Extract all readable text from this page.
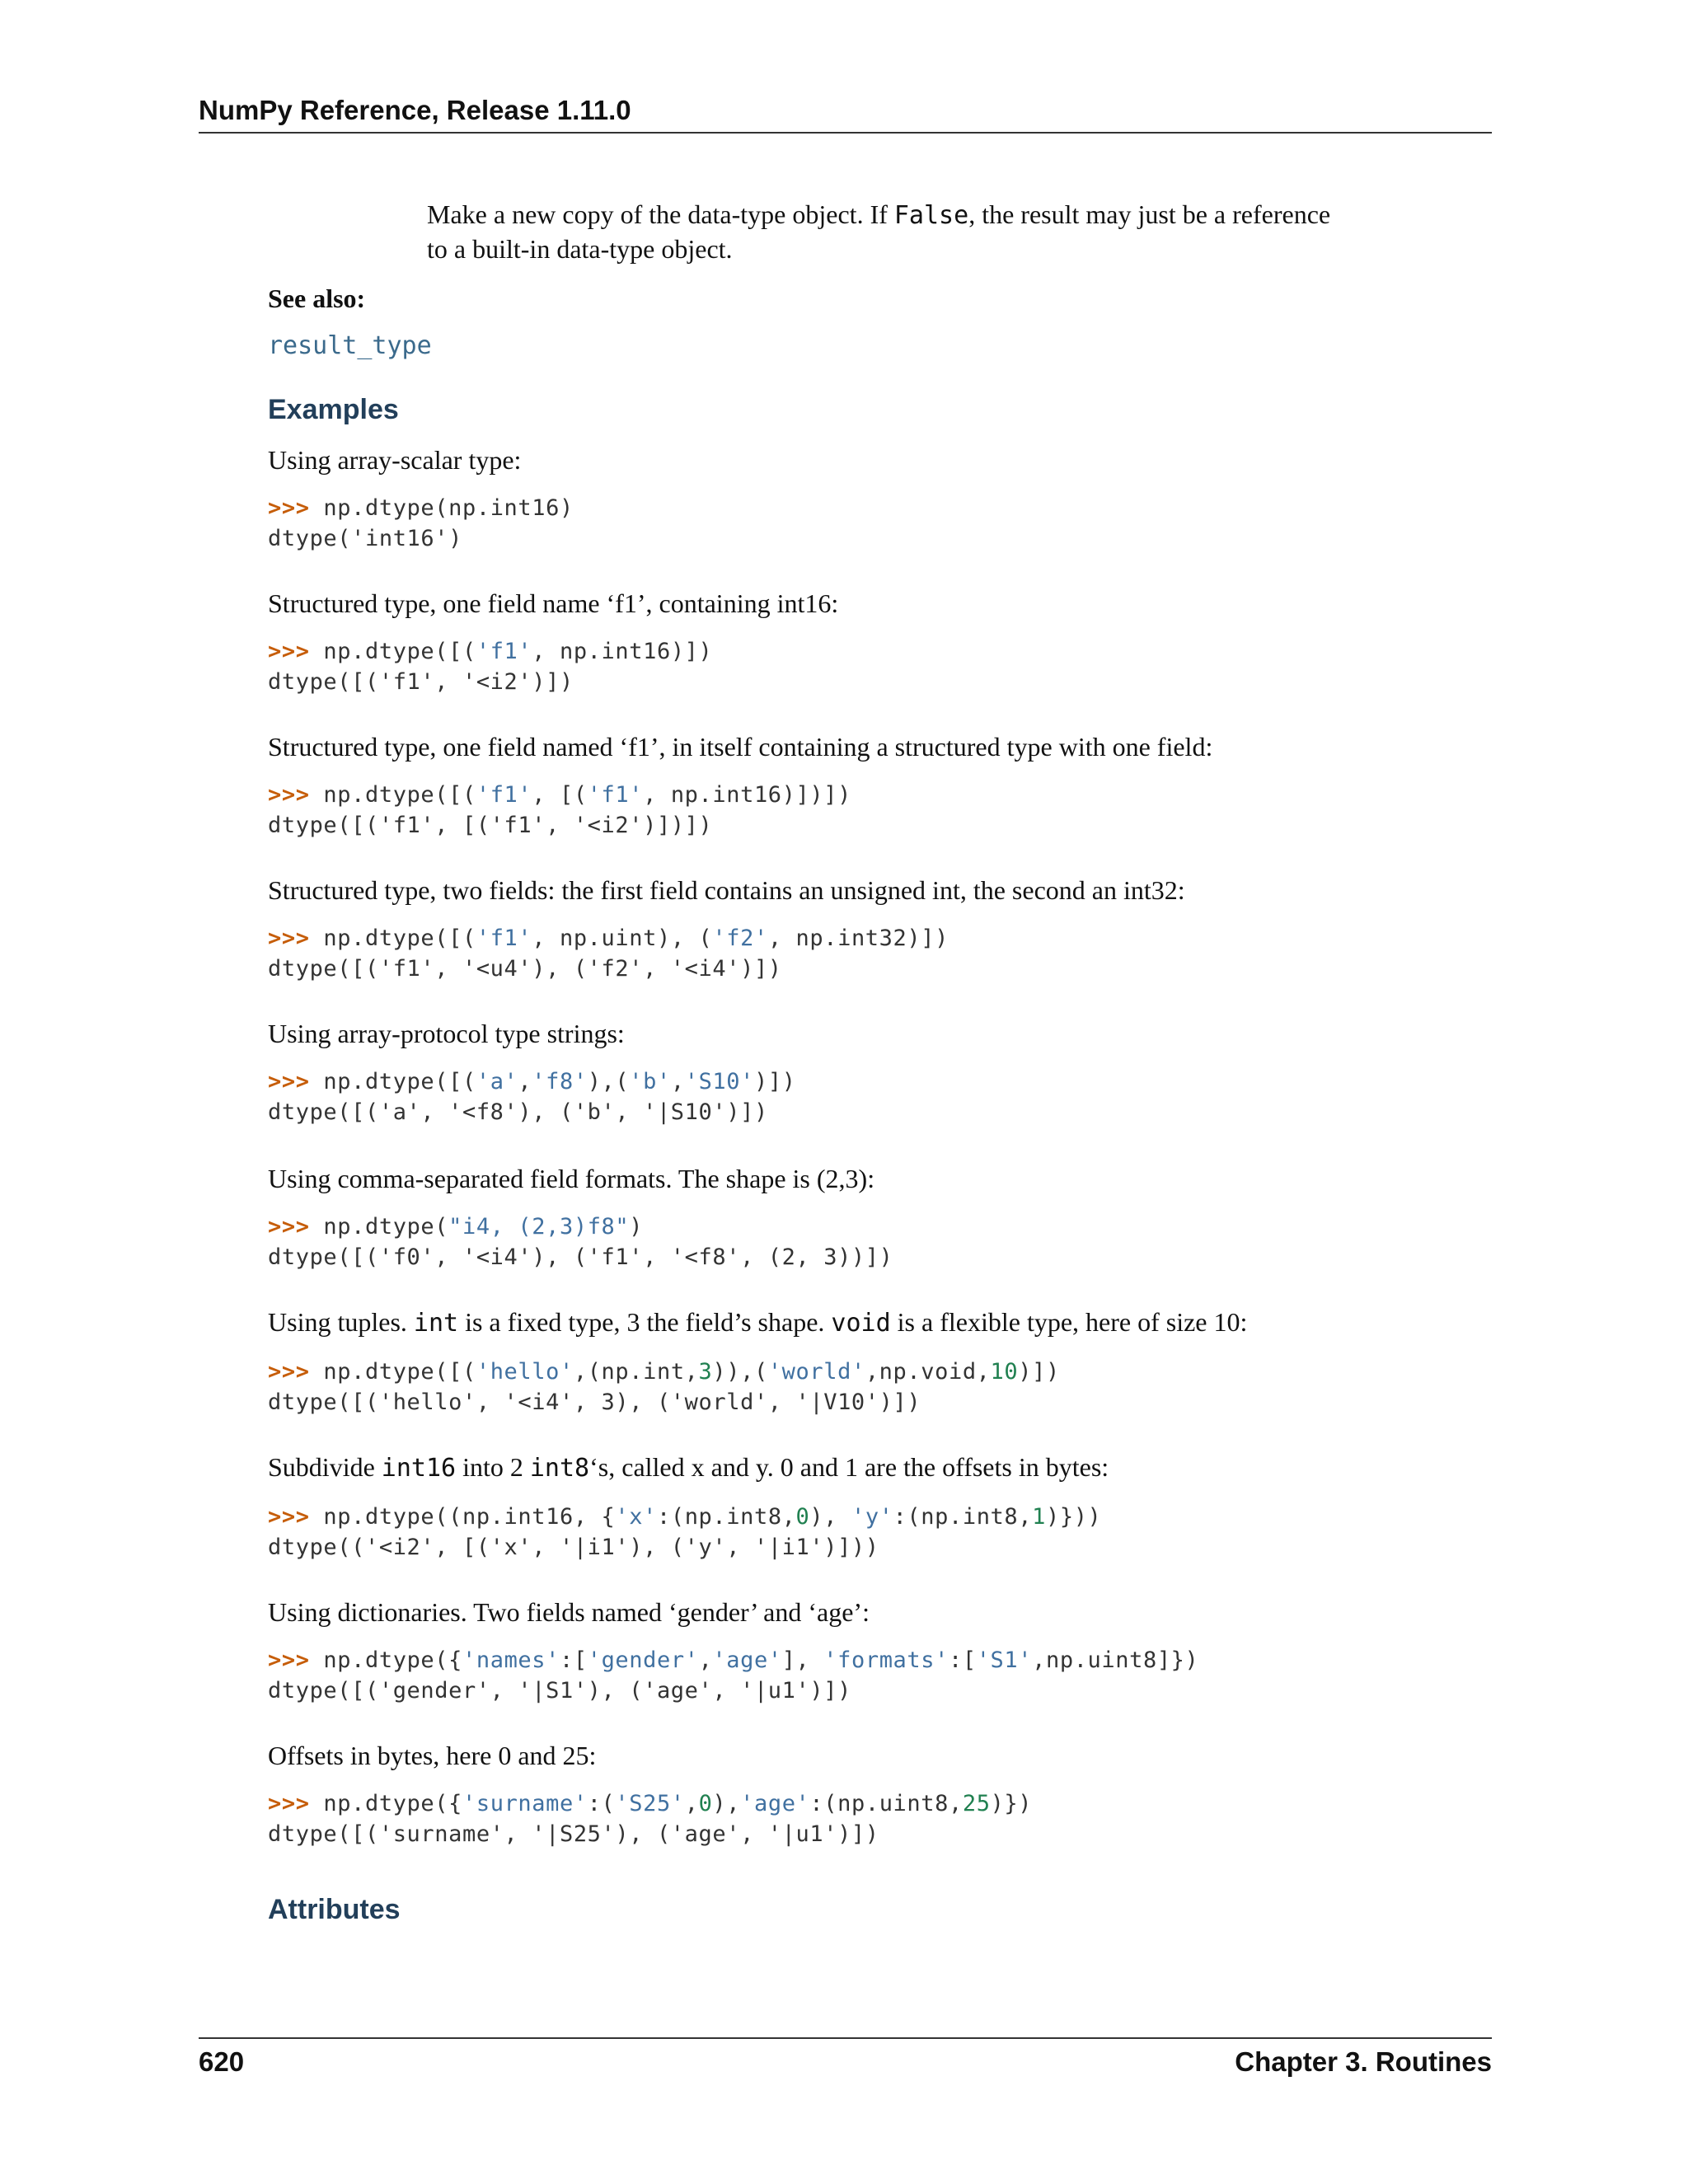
NumPy Reference, Release 1.11.0
Make a new copy of the data-type object. If False, the result may just be a reference
to a built-in data-type object.
See also:
result_type
Examples
Using array-scalar type:
>>> np.dtype(np.int16)
dtype('int16')
Structured type, one field name ‘f1’, containing int16:
>>> np.dtype([('f1', np.int16)])
dtype([('f1', '<i2')])
Structured type, one field named ‘f1’, in itself containing a structured type with one field:
>>> np.dtype([('f1', [('f1', np.int16)])])
dtype([('f1', [('f1', '<i2')])])
Structured type, two fields: the first field contains an unsigned int, the second an int32:
>>> np.dtype([('f1', np.uint), ('f2', np.int32)])
dtype([('f1', '<u4'), ('f2', '<i4')])
Using array-protocol type strings:
>>> np.dtype([('a','f8'),('b','S10')])
dtype([('a', '<f8'), ('b', '|S10')])
Using comma-separated field formats. The shape is (2,3):
>>> np.dtype("i4, (2,3)f8")
dtype([('f0', '<i4'), ('f1', '<f8', (2, 3))])
Using tuples. int is a fixed type, 3 the field’s shape. void is a flexible type, here of size 10:
>>> np.dtype([('hello',(np.int,3)),('world',np.void,10)])
dtype([('hello', '<i4', 3), ('world', '|V10')])
Subdivide int16 into 2 int8‘s, called x and y. 0 and 1 are the offsets in bytes:
>>> np.dtype((np.int16, {'x':(np.int8,0), 'y':(np.int8,1)}))
dtype(('<i2', [('x', '|i1'), ('y', '|i1')]))
Using dictionaries. Two fields named ‘gender’ and ‘age’:
>>> np.dtype({'names':['gender','age'], 'formats':['S1',np.uint8]})
dtype([('gender', '|S1'), ('age', '|u1')])
Offsets in bytes, here 0 and 25:
>>> np.dtype({'surname':('S25',0),'age':(np.uint8,25)})
dtype([('surname', '|S25'), ('age', '|u1')])
Attributes
620	Chapter 3. Routines
